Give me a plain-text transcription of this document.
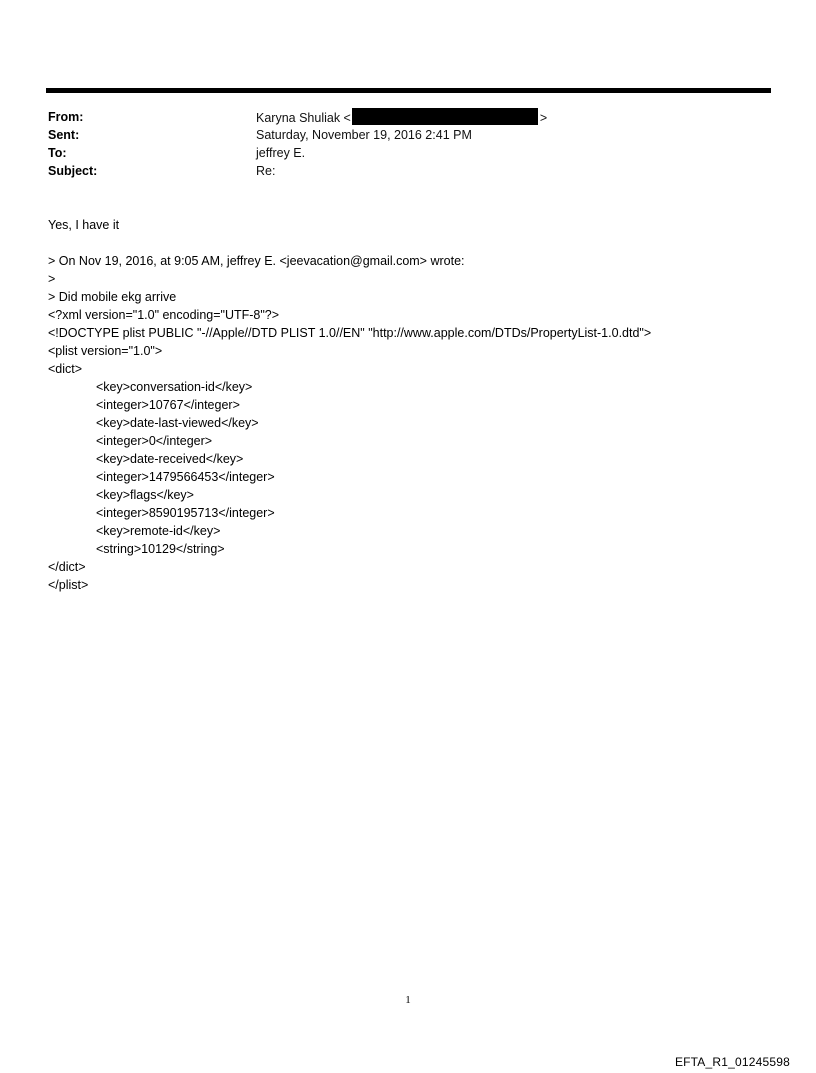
From:	Karyna Shuliak <	>
Sent:	Saturday, November 19, 2016 2:41 PM
To:	jeffrey E.
Subject:	Re:
Yes, I have it
> On Nov 19, 2016, at 9:05 AM, jeffrey E. <jeevacation@gmail.com> wrote:
>
> Did mobile ekg arrive
<?xml version="1.0" encoding="UTF-8"?>
<!DOCTYPE plist PUBLIC "-//Apple//DTD PLIST 1.0//EN" "http://www.apple.com/DTDs/PropertyList-1.0.dtd">
<plist version="1.0">
<dict>
<key>conversation-id</key>
<integer>10767</integer>
<key>date-last-viewed</key>
<integer>0</integer>
<key>date-received</key>
<integer>1479566453</integer>
<key>flags</key>
<integer>8590195713</integer>
<key>remote-id</key>
<string>10129</string>
</dict>
</plist>
1
EFTA_R1_01245598
